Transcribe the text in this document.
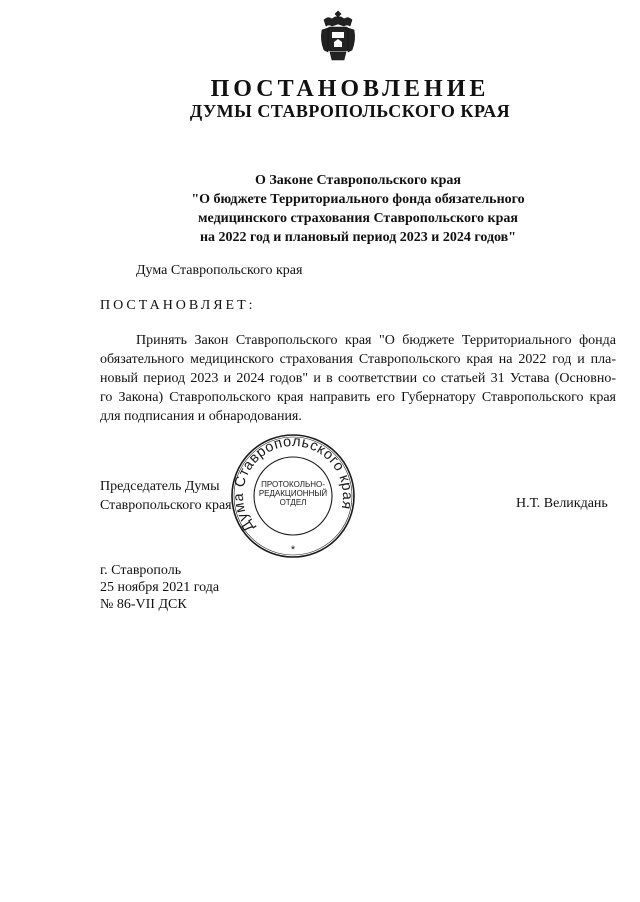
ПОСТАНОВЛЕНИЕ
ДУМЫ СТАВРОПОЛЬСКОГО КРАЯ
О Законе Ставропольского края
"О бюджете Территориального фонда обязательного
медицинского страхования Ставропольского края
на 2022 год и плановый период 2023 и 2024 годов"
Дума Ставропольского края
ПОСТАНОВЛЯЕТ:
Принять Закон Ставропольского края "О бюджете Территориального фонда
обязательного медицинского страхования Ставропольского края на 2022 год и пла-
новый период 2023 и 2024 годов" и в соответствии со статьей 31 Устава (Основно-
го Закона) Ставропольского края направить его Губернатору Ставропольского края
для подписания и обнародования.
Председатель Думы
Ставропольского края	Н.Т. Великдань
Дума Ставропольского края
ПРОТОКОЛЬНО-
РЕДАКЦИОННЫЙ
ОТДЕЛ
*
г. Ставрополь
25 ноября 2021 года
№ 86-VII ДСК
